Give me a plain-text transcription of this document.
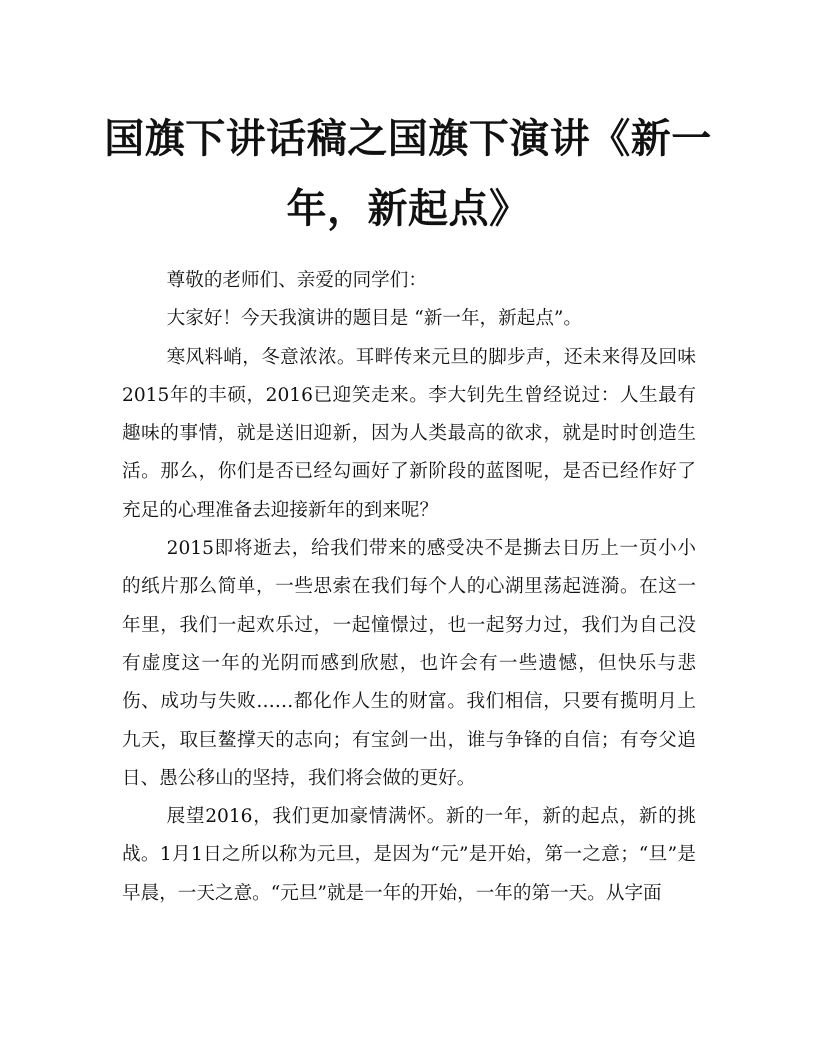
国旗下讲话稿之国旗下演讲《新一年，新起点》

尊敬的老师们、亲爱的同学们：

大家好！今天我演讲的题目是 “新一年，新起点”。

寒风料峭，冬意浓浓。耳畔传来元旦的脚步声，还未来得及回味2015年的丰硕，2016已迎笑走来。李大钊先生曾经说过：人生最有趣味的事情，就是送旧迎新，因为人类最高的欲求，就是时时创造生活。那么，你们是否已经勾画好了新阶段的蓝图呢，是否已经作好了充足的心理准备去迎接新年的到来呢？

2015即将逝去，给我们带来的感受决不是撕去日历上一页小小的纸片那么简单，一些思索在我们每个人的心湖里荡起涟漪。在这一年里，我们一起欢乐过，一起憧憬过，也一起努力过，我们为自己没有虚度这一年的光阴而感到欣慰，也许会有一些遗憾，但快乐与悲伤、成功与失败……都化作人生的财富。我们相信，只要有揽明月上九天，取巨鳌撑天的志向；有宝剑一出，谁与争锋的自信；有夸父追日、愚公移山的坚持，我们将会做的更好。

展望2016，我们更加豪情满怀。新的一年，新的起点，新的挑战。1月1日之所以称为元旦，是因为“元”是开始，第一之意；“旦”是早晨，一天之意。“元旦”就是一年的开始，一年的第一天。从字面
